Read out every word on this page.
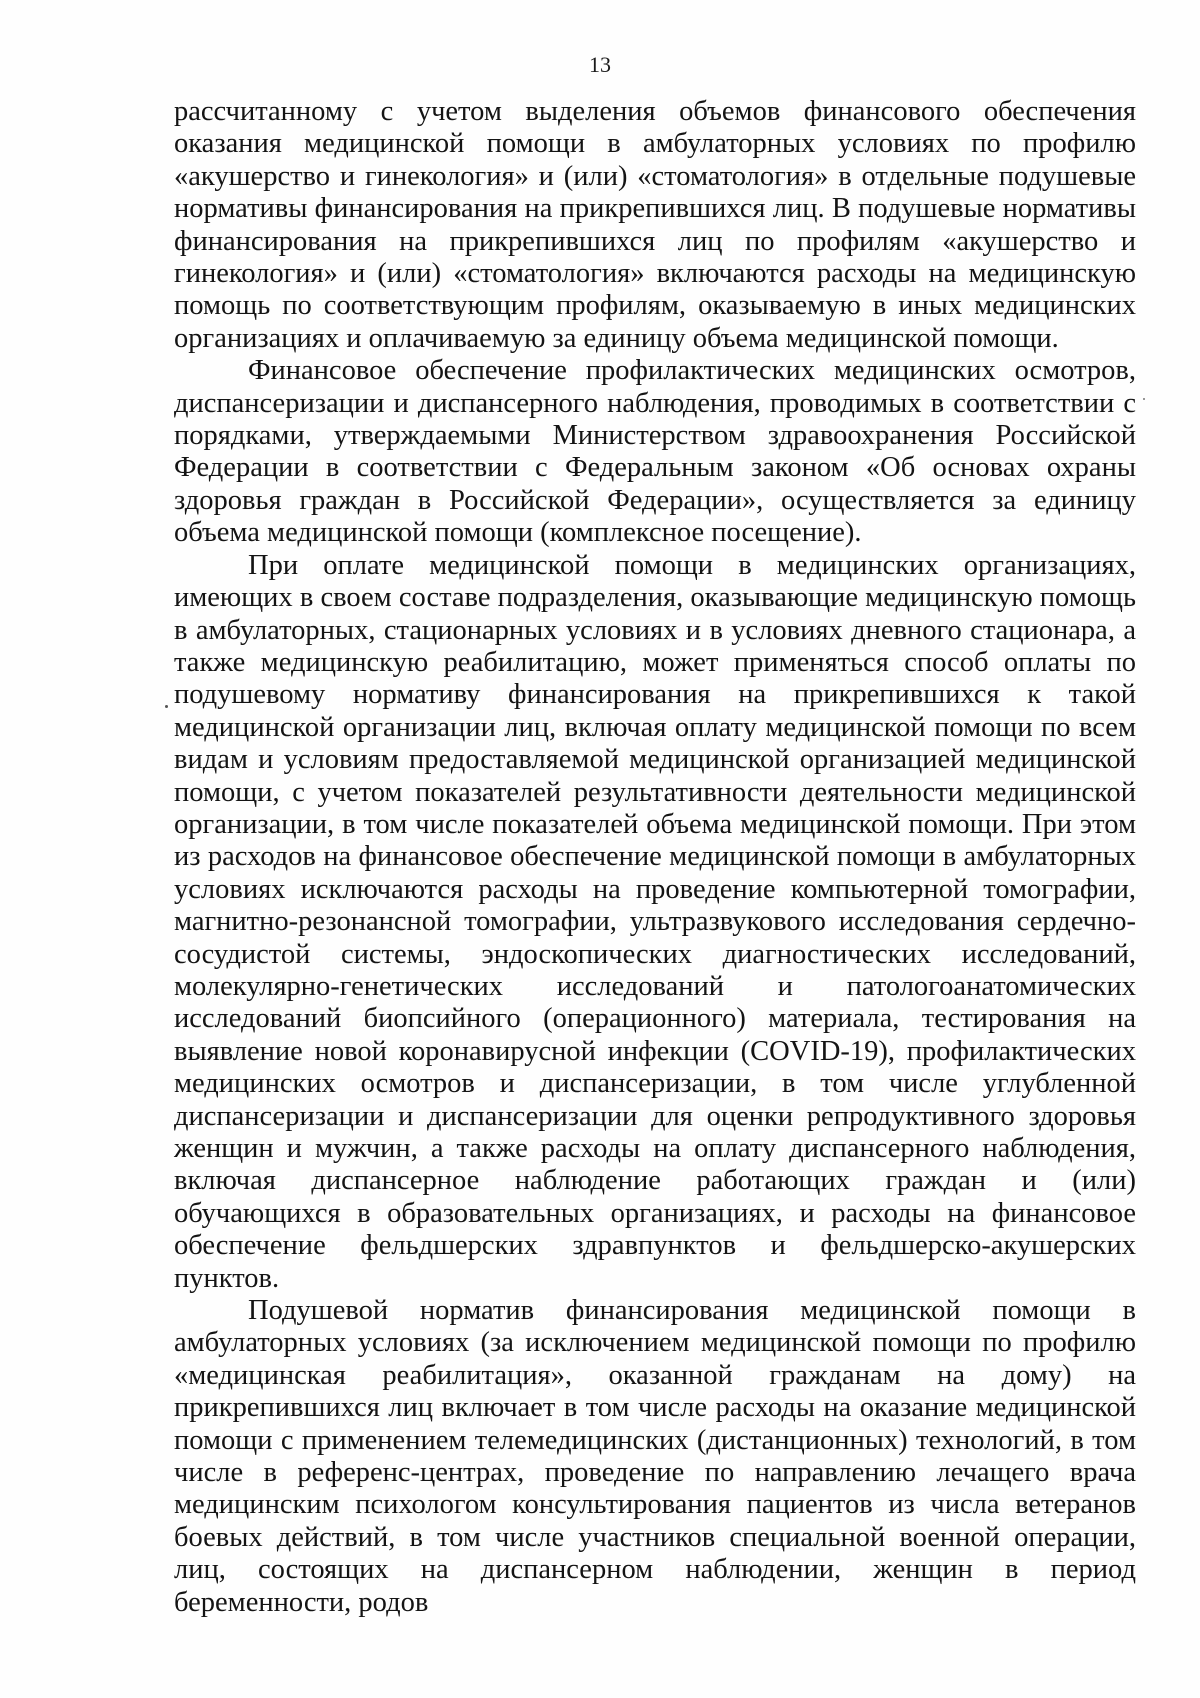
13

рассчитанному с учетом выделения объемов финансового обеспечения оказания медицинской помощи в амбулаторных условиях по профилю «акушерство и гинекология» и (или) «стоматология» в отдельные подушевые нормативы финансирования на прикрепившихся лиц. В подушевые нормативы финансирования на прикрепившихся лиц по профилям «акушерство и гинекология» и (или) «стоматология» включаются расходы на медицинскую помощь по соответствующим профилям, оказываемую в иных медицинских организациях и оплачиваемую за единицу объема медицинской помощи.

Финансовое обеспечение профилактических медицинских осмотров, диспансеризации и диспансерного наблюдения, проводимых в соответствии с порядками, утверждаемыми Министерством здравоохранения Российской Федерации в соответствии с Федеральным законом «Об основах охраны здоровья граждан в Российской Федерации», осуществляется за единицу объема медицинской помощи (комплексное посещение).

При оплате медицинской помощи в медицинских организациях, имеющих в своем составе подразделения, оказывающие медицинскую помощь в амбулаторных, стационарных условиях и в условиях дневного стационара, а также медицинскую реабилитацию, может применяться способ оплаты по подушевому нормативу финансирования на прикрепившихся к такой медицинской организации лиц, включая оплату медицинской помощи по всем видам и условиям предоставляемой медицинской организацией медицинской помощи, с учетом показателей результативности деятельности медицинской организации, в том числе показателей объема медицинской помощи. При этом из расходов на финансовое обеспечение медицинской помощи в амбулаторных условиях исключаются расходы на проведение компьютерной томографии, магнитно-резонансной томографии, ультразвукового исследования сердечно-сосудистой системы, эндоскопических диагностических исследований, молекулярно-генетических исследований и патологоанатомических исследований биопсийного (операционного) материала, тестирования на выявление новой коронавирусной инфекции (COVID-19), профилактических медицинских осмотров и диспансеризации, в том числе углубленной диспансеризации и диспансеризации для оценки репродуктивного здоровья женщин и мужчин, а также расходы на оплату диспансерного наблюдения, включая диспансерное наблюдение работающих граждан и (или) обучающихся в образовательных организациях, и расходы на финансовое обеспечение фельдшерских здравпунктов и фельдшерско-акушерских пунктов.

Подушевой норматив финансирования медицинской помощи в амбулаторных условиях (за исключением медицинской помощи по профилю «медицинская реабилитация», оказанной гражданам на дому) на прикрепившихся лиц включает в том числе расходы на оказание медицинской помощи с применением телемедицинских (дистанционных) технологий, в том числе в референс-центрах, проведение по направлению лечащего врача медицинским психологом консультирования пациентов из числа ветеранов боевых действий, в том числе участников специальной военной операции, лиц, состоящих на диспансерном наблюдении, женщин в период беременности, родов
